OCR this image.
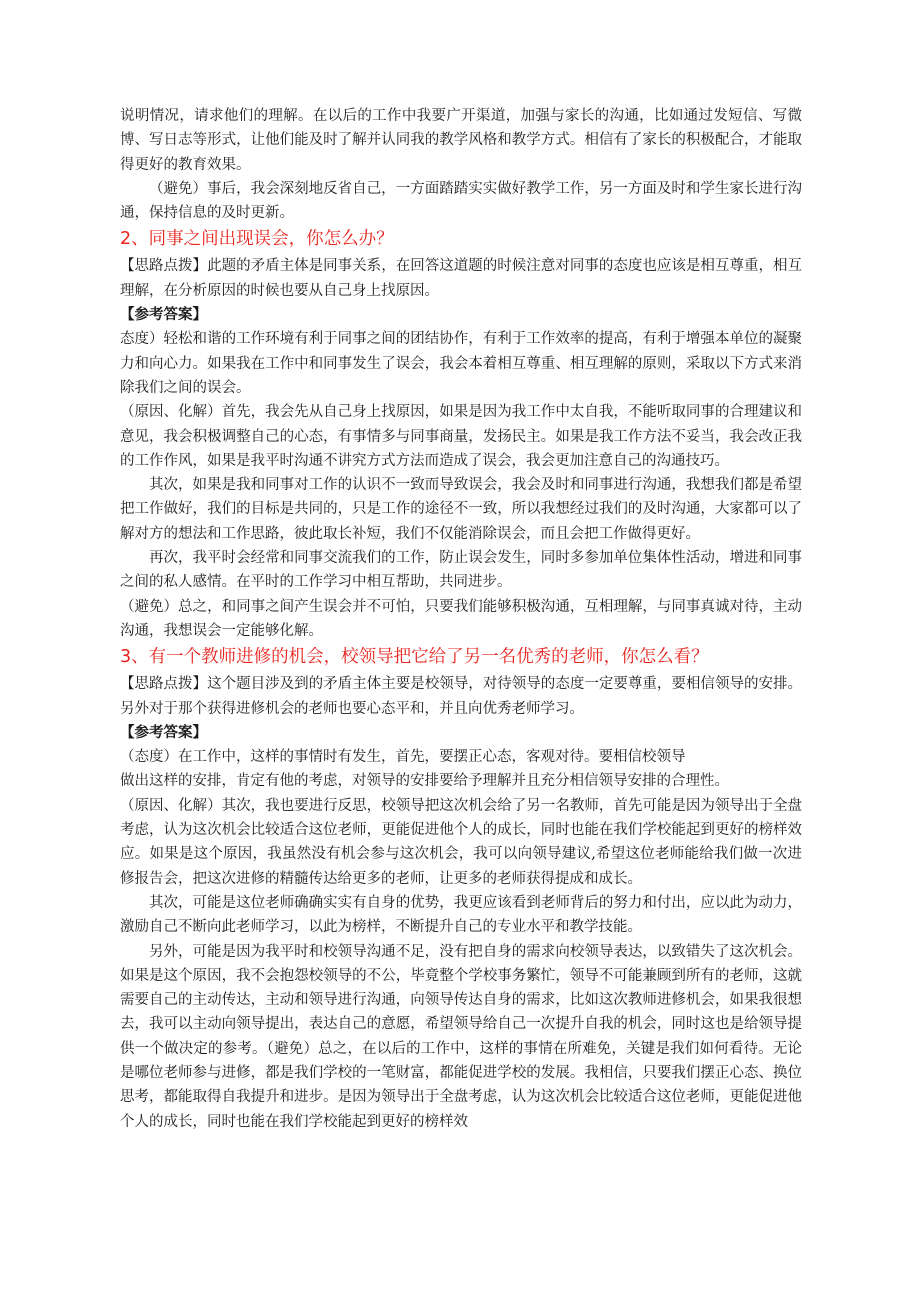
说明情况，请求他们的理解。在以后的工作中我要广开渠道，加强与家长的沟通，比如通过发短信、写微博、写日志等形式，让他们能及时了解并认同我的教学风格和教学方式。相信有了家长的积极配合，才能取得更好的教育效果。

（避免）事后，我会深刻地反省自己，一方面踏踏实实做好教学工作，另一方面及时和学生家长进行沟通，保持信息的及时更新。

2、同事之间出现误会，你怎么办？

【思路点拨】此题的矛盾主体是同事关系，在回答这道题的时候注意对同事的态度也应该是相互尊重，相互理解，在分析原因的时候也要从自己身上找原因。

【参考答案】

态度）轻松和谐的工作环境有利于同事之间的团结协作，有利于工作效率的提高，有利于增强本单位的凝聚力和向心力。如果我在工作中和同事发生了误会，我会本着相互尊重、相互理解的原则，采取以下方式来消除我们之间的误会。

（原因、化解）首先，我会先从自己身上找原因，如果是因为我工作中太自我，不能听取同事的合理建议和意见，我会积极调整自己的心态，有事情多与同事商量，发扬民主。如果是我工作方法不妥当，我会改正我的工作作风，如果是我平时沟通不讲究方式方法而造成了误会，我会更加注意自己的沟通技巧。

其次，如果是我和同事对工作的认识不一致而导致误会，我会及时和同事进行沟通，我想我们都是希望把工作做好，我们的目标是共同的，只是工作的途径不一致，所以我想经过我们的及时沟通，大家都可以了解对方的想法和工作思路，彼此取长补短，我们不仅能消除误会，而且会把工作做得更好。

再次，我平时会经常和同事交流我们的工作，防止误会发生，同时多参加单位集体性活动，增进和同事之间的私人感情。在平时的工作学习中相互帮助，共同进步。

（避免）总之，和同事之间产生误会并不可怕，只要我们能够积极沟通，互相理解，与同事真诚对待，主动沟通，我想误会一定能够化解。

3、有一个教师进修的机会，校领导把它给了另一名优秀的老师，你怎么看？

【思路点拨】这个题目涉及到的矛盾主体主要是校领导，对待领导的态度一定要尊重，要相信领导的安排。另外对于那个获得进修机会的老师也要心态平和，并且向优秀老师学习。

【参考答案】

（态度）在工作中，这样的事情时有发生，首先，要摆正心态，客观对待。要相信校领导

做出这样的安排，肯定有他的考虑，对领导的安排要给予理解并且充分相信领导安排的合理性。

（原因、化解）其次，我也要进行反思，校领导把这次机会给了另一名教师，首先可能是因为领导出于全盘考虑，认为这次机会比较适合这位老师，更能促进他个人的成长，同时也能在我们学校能起到更好的榜样效应。如果是这个原因，我虽然没有机会参与这次机会，我可以向领导建议,希望这位老师能给我们做一次进修报告会，把这次进修的精髓传达给更多的老师，让更多的老师获得提成和成长。

其次，可能是这位老师确确实实有自身的优势，我更应该看到老师背后的努力和付出，应以此为动力，激励自己不断向此老师学习，以此为榜样，不断提升自己的专业水平和教学技能。

另外，可能是因为我平时和校领导沟通不足，没有把自身的需求向校领导表达，以致错失了这次机会。如果是这个原因，我不会抱怨校领导的不公，毕竟整个学校事务繁忙，领导不可能兼顾到所有的老师，这就需要自己的主动传达，主动和领导进行沟通，向领导传达自身的需求，比如这次教师进修机会，如果我很想去，我可以主动向领导提出，表达自己的意愿，希望领导给自己一次提升自我的机会，同时这也是给领导提供一个做决定的参考。（避免）总之，在以后的工作中，这样的事情在所难免，关键是我们如何看待。无论是哪位老师参与进修，都是我们学校的一笔财富，都能促进学校的发展。我相信，只要我们摆正心态、换位思考，都能取得自我提升和进步。是因为领导出于全盘考虑，认为这次机会比较适合这位老师，更能促进他个人的成长，同时也能在我们学校能起到更好的榜样效
